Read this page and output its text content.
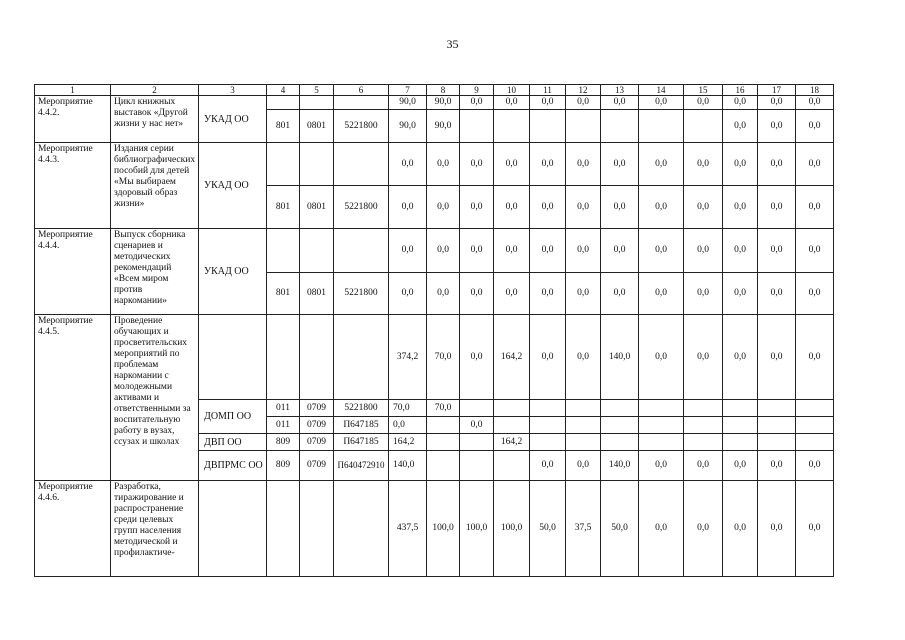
35
1	2	3	4	5	6	7	8	9	10	11	12	13	14	15	16	17	18
Мероприятие 4.4.2.	Цикл книжных выставок «Другой жизни у нас нет»	УКАД ОО				90,0	90,0	0,0	0,0	0,0	0,0	0,0	0,0	0,0	0,0	0,0	0,0
			801	0801	5221800	90,0	90,0								0,0	0,0	0,0
Мероприятие 4.4.3.	Издания серии библиографических пособий для детей «Мы выбираем здоровый образ жизни»	УКАД ОО				0,0	0,0	0,0	0,0	0,0	0,0	0,0	0,0	0,0	0,0	0,0	0,0
			801	0801	5221800	0,0	0,0	0,0	0,0	0,0	0,0	0,0	0,0	0,0	0,0	0,0	0,0
Мероприятие 4.4.4.	Выпуск сборника сценариев и методических рекомендаций «Всем миром против наркомании»	УКАД ОО				0,0	0,0	0,0	0,0	0,0	0,0	0,0	0,0	0,0	0,0	0,0	0,0
			801	0801	5221800	0,0	0,0	0,0	0,0	0,0	0,0	0,0	0,0	0,0	0,0	0,0	0,0
Мероприятие 4.4.5.	Проведение обучающих и просветительских мероприятий по проблемам наркомании с молодежными активами и ответственными за воспитательную работу в вузах, ссузах и школах					374,2	70,0	0,0	164,2	0,0	0,0	140,0	0,0	0,0	0,0	0,0	0,0
		ДОМП ОО	011	0709	5221800	70,0	70,0										
			011	0709	П647185	0,0		0,0									
		ДВП ОО	809	0709	П647185	164,2			164,2								
		ДВПРМС ОО	809	0709	П640472910	140,0				0,0	0,0	140,0	0,0	0,0	0,0	0,0	0,0
Мероприятие 4.4.6.	Разработка, тиражирование и распространение среди целевых групп населения методической и профилактиче-					437,5	100,0	100,0	100,0	50,0	37,5	50,0	0,0	0,0	0,0	0,0	0,0
